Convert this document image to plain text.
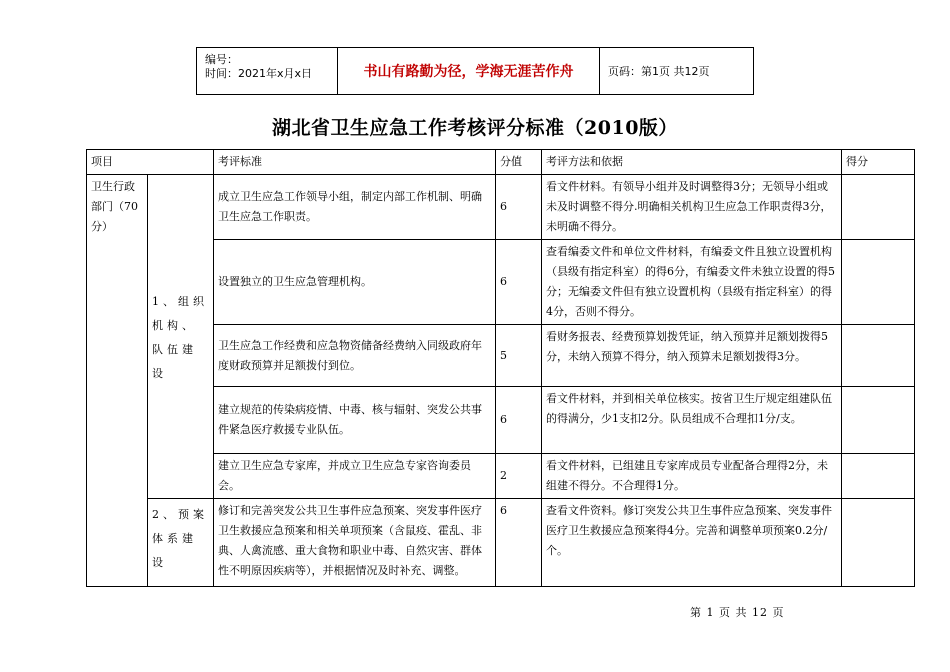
编号：
时间：2021年x月x日	书山有路勤为径，学海无涯苦作舟	页码：第1页 共12页
湖北省卫生应急工作考核评分标准（2010版）
项目		考评标准	分值	考评方法和依据	得分
卫生行政部门（70分）	1、组织机构、队伍建设	成立卫生应急工作领导小组，制定内部工作机制、明确卫生应急工作职责。	6	看文件材料。有领导小组并及时调整得3分；无领导小组或未及时调整不得分.明确相关机构卫生应急工作职责得3分，未明确不得分。	
		设置独立的卫生应急管理机构。	6	查看编委文件和单位文件材料，有编委文件且独立设置机构（县级有指定科室）的得6分，有编委文件未独立设置的得5分；无编委文件但有独立设置机构（县级有指定科室）的得4分，否则不得分。	
		卫生应急工作经费和应急物资储备经费纳入同级政府年度财政预算并足额拨付到位。	5	看财务报表、经费预算划拨凭证，纳入预算并足额划拨得5分，未纳入预算不得分，纳入预算未足额划拨得3分。	
		建立规范的传染病疫情、中毒、核与辐射、突发公共事件紧急医疗救援专业队伍。	6	看文件材料，并到相关单位核实。按省卫生厅规定组建队伍的得满分，少1支扣2分。队员组成不合理扣1分/支。	
		建立卫生应急专家库，并成立卫生应急专家咨询委员会。	2	看文件材料，已组建且专家库成员专业配备合理得2分，未组建不得分。不合理得1分。	
	2、预案体系建设	修订和完善突发公共卫生事件应急预案、突发事件医疗卫生救援应急预案和相关单项预案（含鼠疫、霍乱、非典、人禽流感、重大食物和职业中毒、自然灾害、群体性不明原因疾病等），并根据情况及时补充、调整。	6	查看文件资料。修订突发公共卫生事件应急预案、突发事件医疗卫生救援应急预案得4分。完善和调整单项预案0.2分/个。	
第 1 页 共 12 页
